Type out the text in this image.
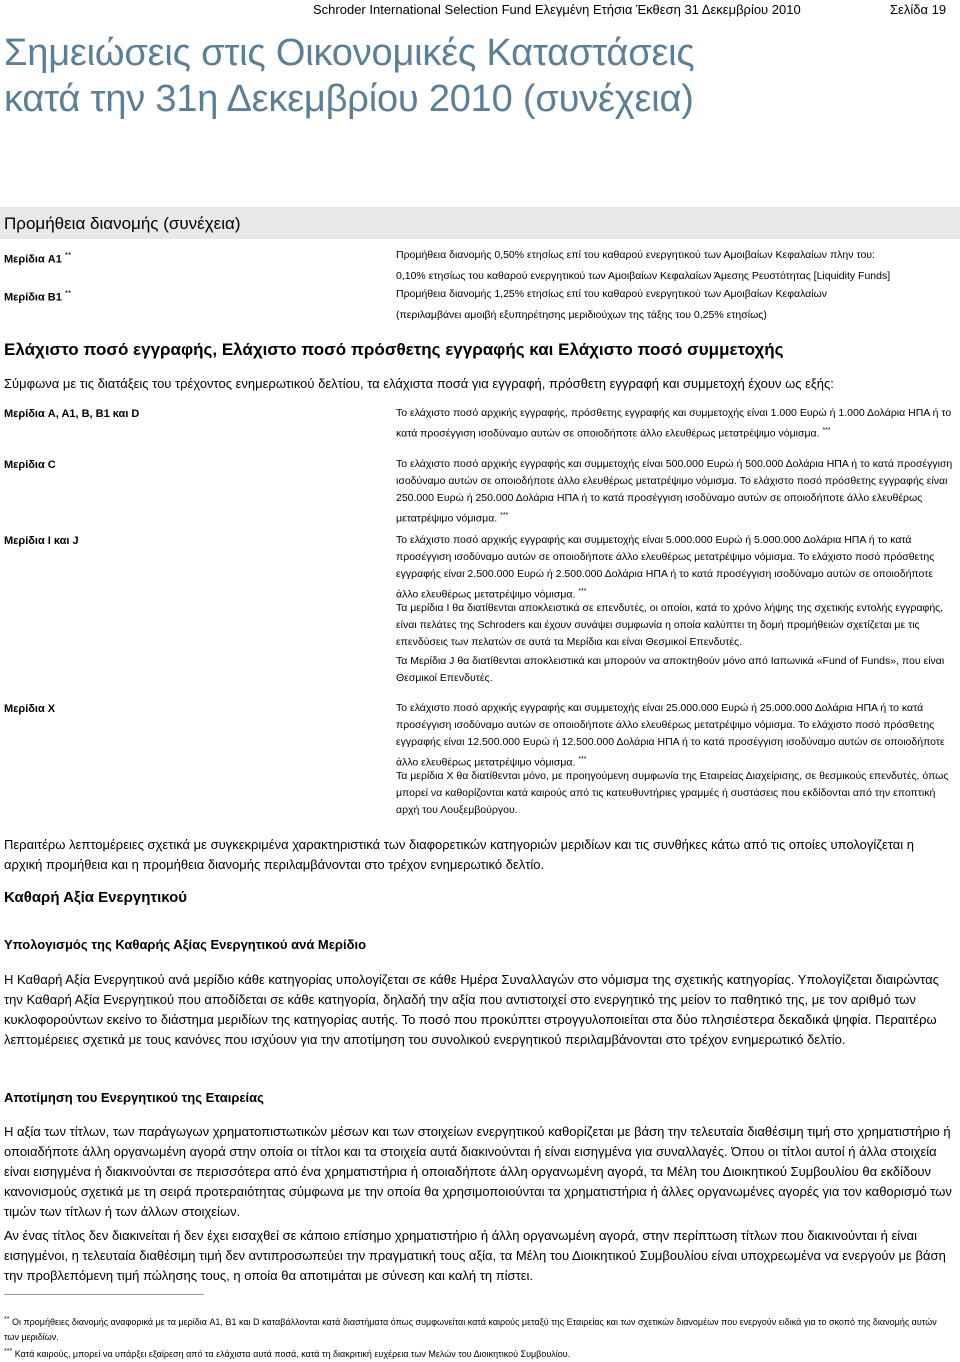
Schroder International Selection Fund Ελεγμένη Ετήσια Έκθεση 31 Δεκεμβρίου 2010	Σελίδα 19
Σημειώσεις στις Οικονομικές Καταστάσεις
κατά την 31η Δεκεμβρίου 2010 (συνέχεια)
Προμήθεια διανομής (συνέχεια)
Μερίδια A1 **	Προμήθεια διανομής 0,50% ετησίως επί του καθαρού ενεργητικού των Αμοιβαίων Κεφαλαίων πλην του:
0,10% ετησίως του καθαρού ενεργητικού των Αμοιβαίων Κεφαλαίων Άμεσης Ρευστότητας [Liquidity Funds]
Μερίδια B1 **	Προμήθεια διανομής 1,25% ετησίως επί του καθαρού ενεργητικού των Αμοιβαίων Κεφαλαίων
(περιλαμβάνει αμοιβή εξυπηρέτησης μεριδιούχων της τάξης του 0,25% ετησίως)
Ελάχιστο ποσό εγγραφής, Ελάχιστο ποσό πρόσθετης εγγραφής και Ελάχιστο ποσό συμμετοχής
Σύμφωνα με τις διατάξεις του τρέχοντος ενημερωτικού δελτίου, τα ελάχιστα ποσά για εγγραφή, πρόσθετη εγγραφή και συμμετοχή έχουν ως εξής:
Μερίδια A, A1, B, B1 και D	Το ελάχιστο ποσό αρχικής εγγραφής, πρόσθετης εγγραφής και συμμετοχής είναι 1.000 Ευρώ ή 1.000 Δολάρια ΗΠΑ ή το κατά προσέγγιση ισοδύναμο αυτών σε οποιοδήποτε άλλο ελευθέρως μετατρέψιμο νόμισμα. ***
Μερίδια C	Το ελάχιστο ποσό αρχικής εγγραφής και συμμετοχής είναι 500.000 Ευρώ ή 500.000 Δολάρια ΗΠΑ ή το κατά προσέγγιση ισοδύναμο αυτών σε οποιοδήποτε άλλο ελευθέρως μετατρέψιμο νόμισμα. Το ελάχιστο ποσό πρόσθετης εγγραφής είναι 250.000 Ευρώ ή 250.000 Δολάρια ΗΠΑ ή το κατά προσέγγιση ισοδύναμο αυτών σε οποιοδήποτε άλλο ελευθέρως μετατρέψιμο νόμισμα. ***
Μερίδια I και J	Το ελάχιστο ποσό αρχικής εγγραφής και συμμετοχής είναι 5.000.000 Ευρώ ή 5.000.000 Δολάρια ΗΠΑ ή το κατά προσέγγιση ισοδύναμο αυτών σε οποιοδήποτε άλλο ελευθέρως μετατρέψιμο νόμισμα. Το ελάχιστο ποσό πρόσθετης εγγραφής είναι 2.500.000 Ευρώ ή 2.500.000 Δολάρια ΗΠΑ ή το κατά προσέγγιση ισοδύναμο αυτών σε οποιοδήποτε άλλο ελευθέρως μετατρέψιμο νόμισμα. ***
Τα μερίδια I θα διατίθενται αποκλειστικά σε επενδυτές, οι οποίοι, κατά το χρόνο λήψης της σχετικής εντολής εγγραφής, είναι πελάτες της Schroders και έχουν συνάψει συμφωνία η οποία καλύπτει τη δομή προμήθειών σχετίζεται με τις επενδύσεις των πελατών σε αυτά τα Μερίδια και είναι Θεσμικοί Επενδυτές.
Τα Μερίδια J θα διατίθενται αποκλειστικά και μπορούν να αποκτηθούν μόνο από Ιαπωνικά «Fund of Funds», που είναι Θεσμικοί Επενδυτές.
Μερίδια X	Το ελάχιστο ποσό αρχικής εγγραφής και συμμετοχής είναι 25.000.000 Ευρώ ή 25.000.000 Δολάρια ΗΠΑ ή το κατά προσέγγιση ισοδύναμο αυτών σε οποιοδήποτε άλλο ελευθέρως μετατρέψιμο νόμισμα. Το ελάχιστο ποσό πρόσθετης εγγραφής είναι 12.500.000 Ευρώ ή 12.500.000 Δολάρια ΗΠΑ ή το κατά προσέγγιση ισοδύναμο αυτών σε οποιοδήποτε άλλο ελευθέρως μετατρέψιμο νόμισμα. ***
Τα μερίδια X θα διατίθενται μόνο, με προηγούμενη συμφωνία της Εταιρείας Διαχείρισης, σε θεσμικούς επενδυτές, όπως μπορεί να καθορίζονται κατά καιρούς από τις κατευθυντήριες γραμμές ή συστάσεις που εκδίδονται από την εποπτική αρχή του Λουξεμβούργου.
Περαιτέρω λεπτομέρειες σχετικά με συγκεκριμένα χαρακτηριστικά των διαφορετικών κατηγοριών μεριδίων και τις συνθήκες κάτω από τις οποίες υπολογίζεται η αρχική προμήθεια και η προμήθεια διανομής περιλαμβάνονται στο τρέχον ενημερωτικό δελτίο.
Καθαρή Αξία Ενεργητικού
Υπολογισμός της Καθαρής Αξίας Ενεργητικού ανά Μερίδιο
Η Καθαρή Αξία Ενεργητικού ανά μερίδιο κάθε κατηγορίας υπολογίζεται σε κάθε Ημέρα Συναλλαγών στο νόμισμα της σχετικής κατηγορίας. Υπολογίζεται διαιρώντας την Καθαρή Αξία Ενεργητικού που αποδίδεται σε κάθε κατηγορία, δηλαδή την αξία που αντιστοιχεί στο ενεργητικό της μείον το παθητικό της, με τον αριθμό των κυκλοφορούντων εκείνο το διάστημα μεριδίων της κατηγορίας αυτής. Το ποσό που προκύπτει στρογγυλοποιείται στα δύο πλησιέστερα δεκαδικά ψηφία. Περαιτέρω λεπτομέρειες σχετικά με τους κανόνες που ισχύουν για την αποτίμηση του συνολικού ενεργητικού περιλαμβάνονται στο τρέχον ενημερωτικό δελτίο.
Αποτίμηση του Ενεργητικού της Εταιρείας
Η αξία των τίτλων, των παράγωγων χρηματοπιστωτικών μέσων και των στοιχείων ενεργητικού καθορίζεται με βάση την τελευταία διαθέσιμη τιμή στο χρηματιστήριο ή οποιαδήποτε άλλη οργανωμένη αγορά στην οποία οι τίτλοι και τα στοιχεία αυτά διακινούνται ή είναι εισηγμένα για συναλλαγές. Όπου οι τίτλοι αυτοί ή άλλα στοιχεία είναι εισηγμένα ή διακινούνται σε περισσότερα από ένα χρηματιστήρια ή οποιαδήποτε άλλη οργανωμένη αγορά, τα Μέλη του Διοικητικού Συμβουλίου θα εκδίδουν κανονισμούς σχετικά με τη σειρά προτεραιότητας σύμφωνα με την οποία θα χρησιμοποιούνται τα χρηματιστήρια ή άλλες οργανωμένες αγορές για τον καθορισμό των τιμών των τίτλων ή των άλλων στοιχείων.
Αν ένας τίτλος δεν διακινείται ή δεν έχει εισαχθεί σε κάποιο επίσημο χρηματιστήριο ή άλλη οργανωμένη αγορά, στην περίπτωση τίτλων που διακινούνται ή είναι εισηγμένοι, η τελευταία διαθέσιμη τιμή δεν αντιπροσωπεύει την πραγματική τους αξία, τα Μέλη του Διοικητικού Συμβουλίου είναι υποχρεωμένα να ενεργούν με βάση την προβλεπόμενη τιμή πώλησης τους, η οποία θα αποτιμάται με σύνεση και καλή τη πίστει.
** Οι προμήθειες διανομής αναφορικά με τα μερίδια A1, B1 και D καταβάλλονται κατά διαστήματα όπως συμφωνείται κατά καιρούς μεταξύ της Εταιρείας και των σχετικών διανομέων που ενεργούν ειδικά για το σκοπό της διανομής αυτών των μεριδίων.
*** Κατά καιρούς, μπορεί να υπάρξει εξαίρεση από τα ελάχιστα αυτά ποσά, κατά τη διακριτική ευχέρεια των Μελών του Διοικητικού Συμβουλίου.
